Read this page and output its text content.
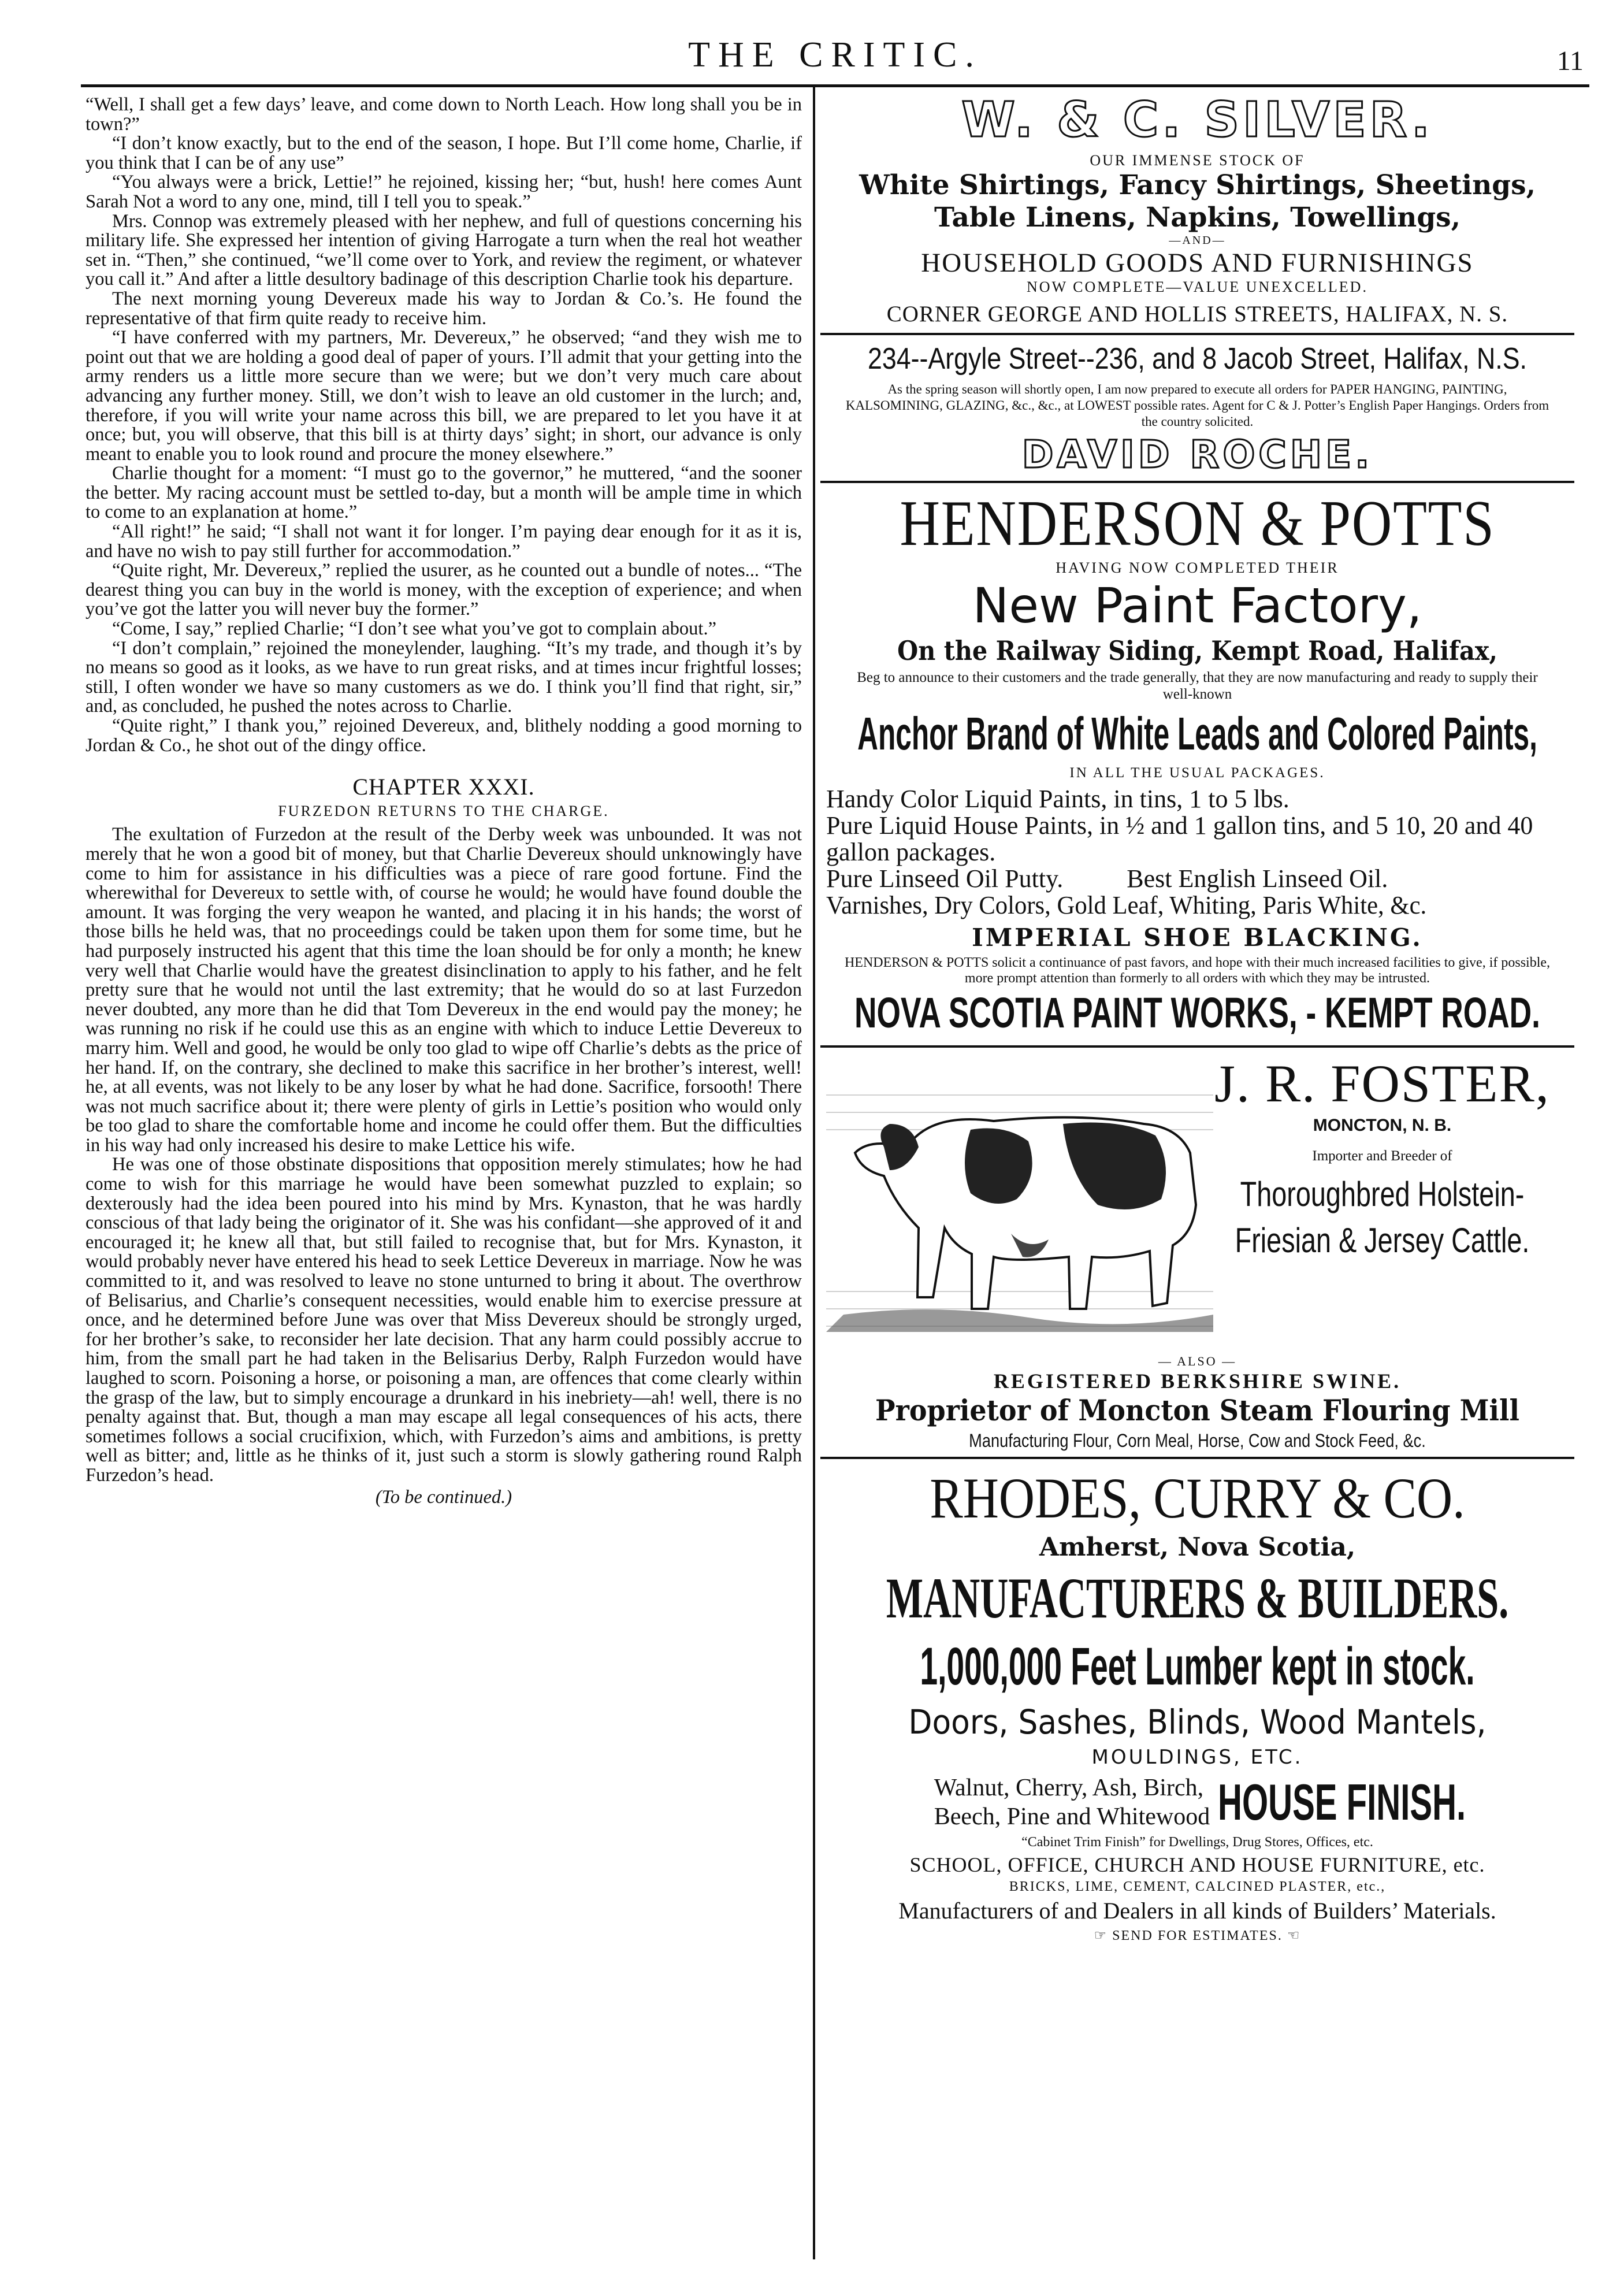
THE CRITIC.	11

“Well, I shall get a few days’ leave, and come down to North Leach. How long shall you be in town?”

“I don’t know exactly, but to the end of the season, I hope. But I’ll come home, Charlie, if you think that I can be of any use”

“You always were a brick, Lettie!” he rejoined, kissing her; “but, hush! here comes Aunt Sarah Not a word to any one, mind, till I tell you to speak.”

Mrs. Connop was extremely pleased with her nephew, and full of questions concerning his military life. She expressed her intention of giving Harrogate a turn when the real hot weather set in. “Then,” she continued, “we’ll come over to York, and review the regiment, or whatever you call it.” And after a little desultory badinage of this description Charlie took his departure.

The next morning young Devereux made his way to Jordan & Co.’s. He found the representative of that firm quite ready to receive him.

“I have conferred with my partners, Mr. Devereux,” he observed; “and they wish me to point out that we are holding a good deal of paper of yours. I’ll admit that your getting into the army renders us a little more secure than we were; but we don’t very much care about advancing any further money. Still, we don’t wish to leave an old customer in the lurch; and, therefore, if you will write your name across this bill, we are prepared to let you have it at once; but, you will observe, that this bill is at thirty days’ sight; in short, our advance is only meant to enable you to look round and procure the money elsewhere.”

Charlie thought for a moment: “I must go to the governor,” he muttered, “and the sooner the better. My racing account must be settled to-day, but a month will be ample time in which to come to an explanation at home.”

“All right!” he said; “I shall not want it for longer. I’m paying dear enough for it as it is, and have no wish to pay still further for accommodation.”

“Quite right, Mr. Devereux,” replied the usurer, as he counted out a bundle of notes... “The dearest thing you can buy in the world is money, with the exception of experience; and when you’ve got the latter you will never buy the former.”

“Come, I say,” replied Charlie; “I don’t see what you’ve got to complain about.”

“I don’t complain,” rejoined the moneylender, laughing. “It’s my trade, and though it’s by no means so good as it looks, as we have to run great risks, and at times incur frightful losses; still, I often wonder we have so many customers as we do. I think you’ll find that right, sir,” and, as concluded, he pushed the notes across to Charlie.

“Quite right,” I thank you,” rejoined Devereux, and, blithely nodding a good morning to Jordan & Co., he shot out of the dingy office.

CHAPTER XXXI.
FURZEDON RETURNS TO THE CHARGE.

The exultation of Furzedon at the result of the Derby week was unbounded. It was not merely that he won a good bit of money, but that Charlie Devereux should unknowingly have come to him for assistance in his difficulties was a piece of rare good fortune. Find the wherewithal for Devereux to settle with, of course he would; he would have found double the amount. It was forging the very weapon he wanted, and placing it in his hands; the worst of those bills he held was, that no proceedings could be taken upon them for some time, but he had purposely instructed his agent that this time the loan should be for only a month; he knew very well that Charlie would have the greatest disinclination to apply to his father, and he felt pretty sure that he would not until the last extremity; that he would do so at last Furzedon never doubted, any more than he did that Tom Devereux in the end would pay the money; he was running no risk if he could use this as an engine with which to induce Lettie Devereux to marry him. Well and good, he would be only too glad to wipe off Charlie’s debts as the price of her hand. If, on the contrary, she declined to make this sacrifice in her brother’s interest, well! he, at all events, was not likely to be any loser by what he had done. Sacrifice, forsooth! There was not much sacrifice about it; there were plenty of girls in Lettie’s position who would only be too glad to share the comfortable home and income he could offer them. But the difficulties in his way had only increased his desire to make Lettice his wife.

He was one of those obstinate dispositions that opposition merely stimulates; how he had come to wish for this marriage he would have been somewhat puzzled to explain; so dexterously had the idea been poured into his mind by Mrs. Kynaston, that he was hardly conscious of that lady being the originator of it. She was his confidant—she approved of it and encouraged it; he knew all that, but still failed to recognise that, but for Mrs. Kynaston, it would probably never have entered his head to seek Lettice Devereux in marriage. Now he was committed to it, and was resolved to leave no stone unturned to bring it about. The overthrow of Belisarius, and Charlie’s consequent necessities, would enable him to exercise pressure at once, and he determined before June was over that Miss Devereux should be strongly urged, for her brother’s sake, to reconsider her late decision. That any harm could possibly accrue to him, from the small part he had taken in the Belisarius Derby, Ralph Furzedon would have laughed to scorn. Poisoning a horse, or poisoning a man, are offences that come clearly within the grasp of the law, but to simply encourage a drunkard in his inebriety—ah! well, there is no penalty against that. But, though a man may escape all legal consequences of his acts, there sometimes follows a social crucifixion, which, with Furzedon’s aims and ambitions, is pretty well as bitter; and, little as he thinks of it, just such a storm is slowly gathering round Ralph Furzedon’s head.

(To be continued.)
W. & C. SILVER.
OUR IMMENSE STOCK OF
White Shirtings, Fancy Shirtings, Sheetings,
Table Linens, Napkins, Towellings,
—AND—
HOUSEHOLD GOODS AND FURNISHINGS
NOW COMPLETE—VALUE UNEXCELLED.
CORNER GEORGE AND HOLLIS STREETS, HALIFAX, N. S.
234--Argyle Street--236, and 8 Jacob Street, Halifax, N.S.
As the spring season will shortly open, I am now prepared to execute all orders for PAPER HANGING, PAINTING, KALSOMINING, GLAZING, &c., &c., at LOWEST possible rates. Agent for C & J. Potter’s English Paper Hangings. Orders from the country solicited.
DAVID ROCHE.
HENDERSON & POTTS
HAVING NOW COMPLETED THEIR
New Paint Factory,
On the Railway Siding, Kempt Road, Halifax,
Beg to announce to their customers and the trade generally, that they are now manufacturing and ready to supply their well-known
Anchor Brand of White Leads and Colored Paints,
IN ALL THE USUAL PACKAGES.
Handy Color Liquid Paints, in tins, 1 to 5 lbs.
Pure Liquid House Paints, in ½ and 1 gallon tins, and 5 10, 20 and 40 gallon packages.
Pure Linseed Oil Putty.          Best English Linseed Oil.
Varnishes, Dry Colors, Gold Leaf, Whiting, Paris White, &c.
IMPERIAL SHOE BLACKING.
HENDERSON & POTTS solicit a continuance of past favors, and hope with their much increased facilities to give, if possible, more prompt attention than formerly to all orders with which they may be intrusted.
NOVA SCOTIA PAINT WORKS, - KEMPT ROAD.
J. R. FOSTER,
MONCTON, N. B.
Importer and Breeder of
Thoroughbred Holstein-
Friesian & Jersey Cattle.
— ALSO —
REGISTERED BERKSHIRE SWINE.
Proprietor of Moncton Steam Flouring Mill
Manufacturing Flour, Corn Meal, Horse, Cow and Stock Feed, &c.
RHODES, CURRY & CO.
Amherst, Nova Scotia,
MANUFACTURERS & BUILDERS.
1,000,000 Feet Lumber kept in stock.
Doors, Sashes, Blinds, Wood Mantels,
MOULDINGS, ETC.
Walnut, Cherry, Ash, Birch,
Beech, Pine and Whitewood HOUSE FINISH.
“Cabinet Trim Finish” for Dwellings, Drug Stores, Offices, etc.
SCHOOL, OFFICE, CHURCH AND HOUSE FURNITURE, etc.
BRICKS, LIME, CEMENT, CALCINED PLASTER, etc.,
Manufacturers of and Dealers in all kinds of Builders’ Materials.
☞ SEND FOR ESTIMATES. ☜
